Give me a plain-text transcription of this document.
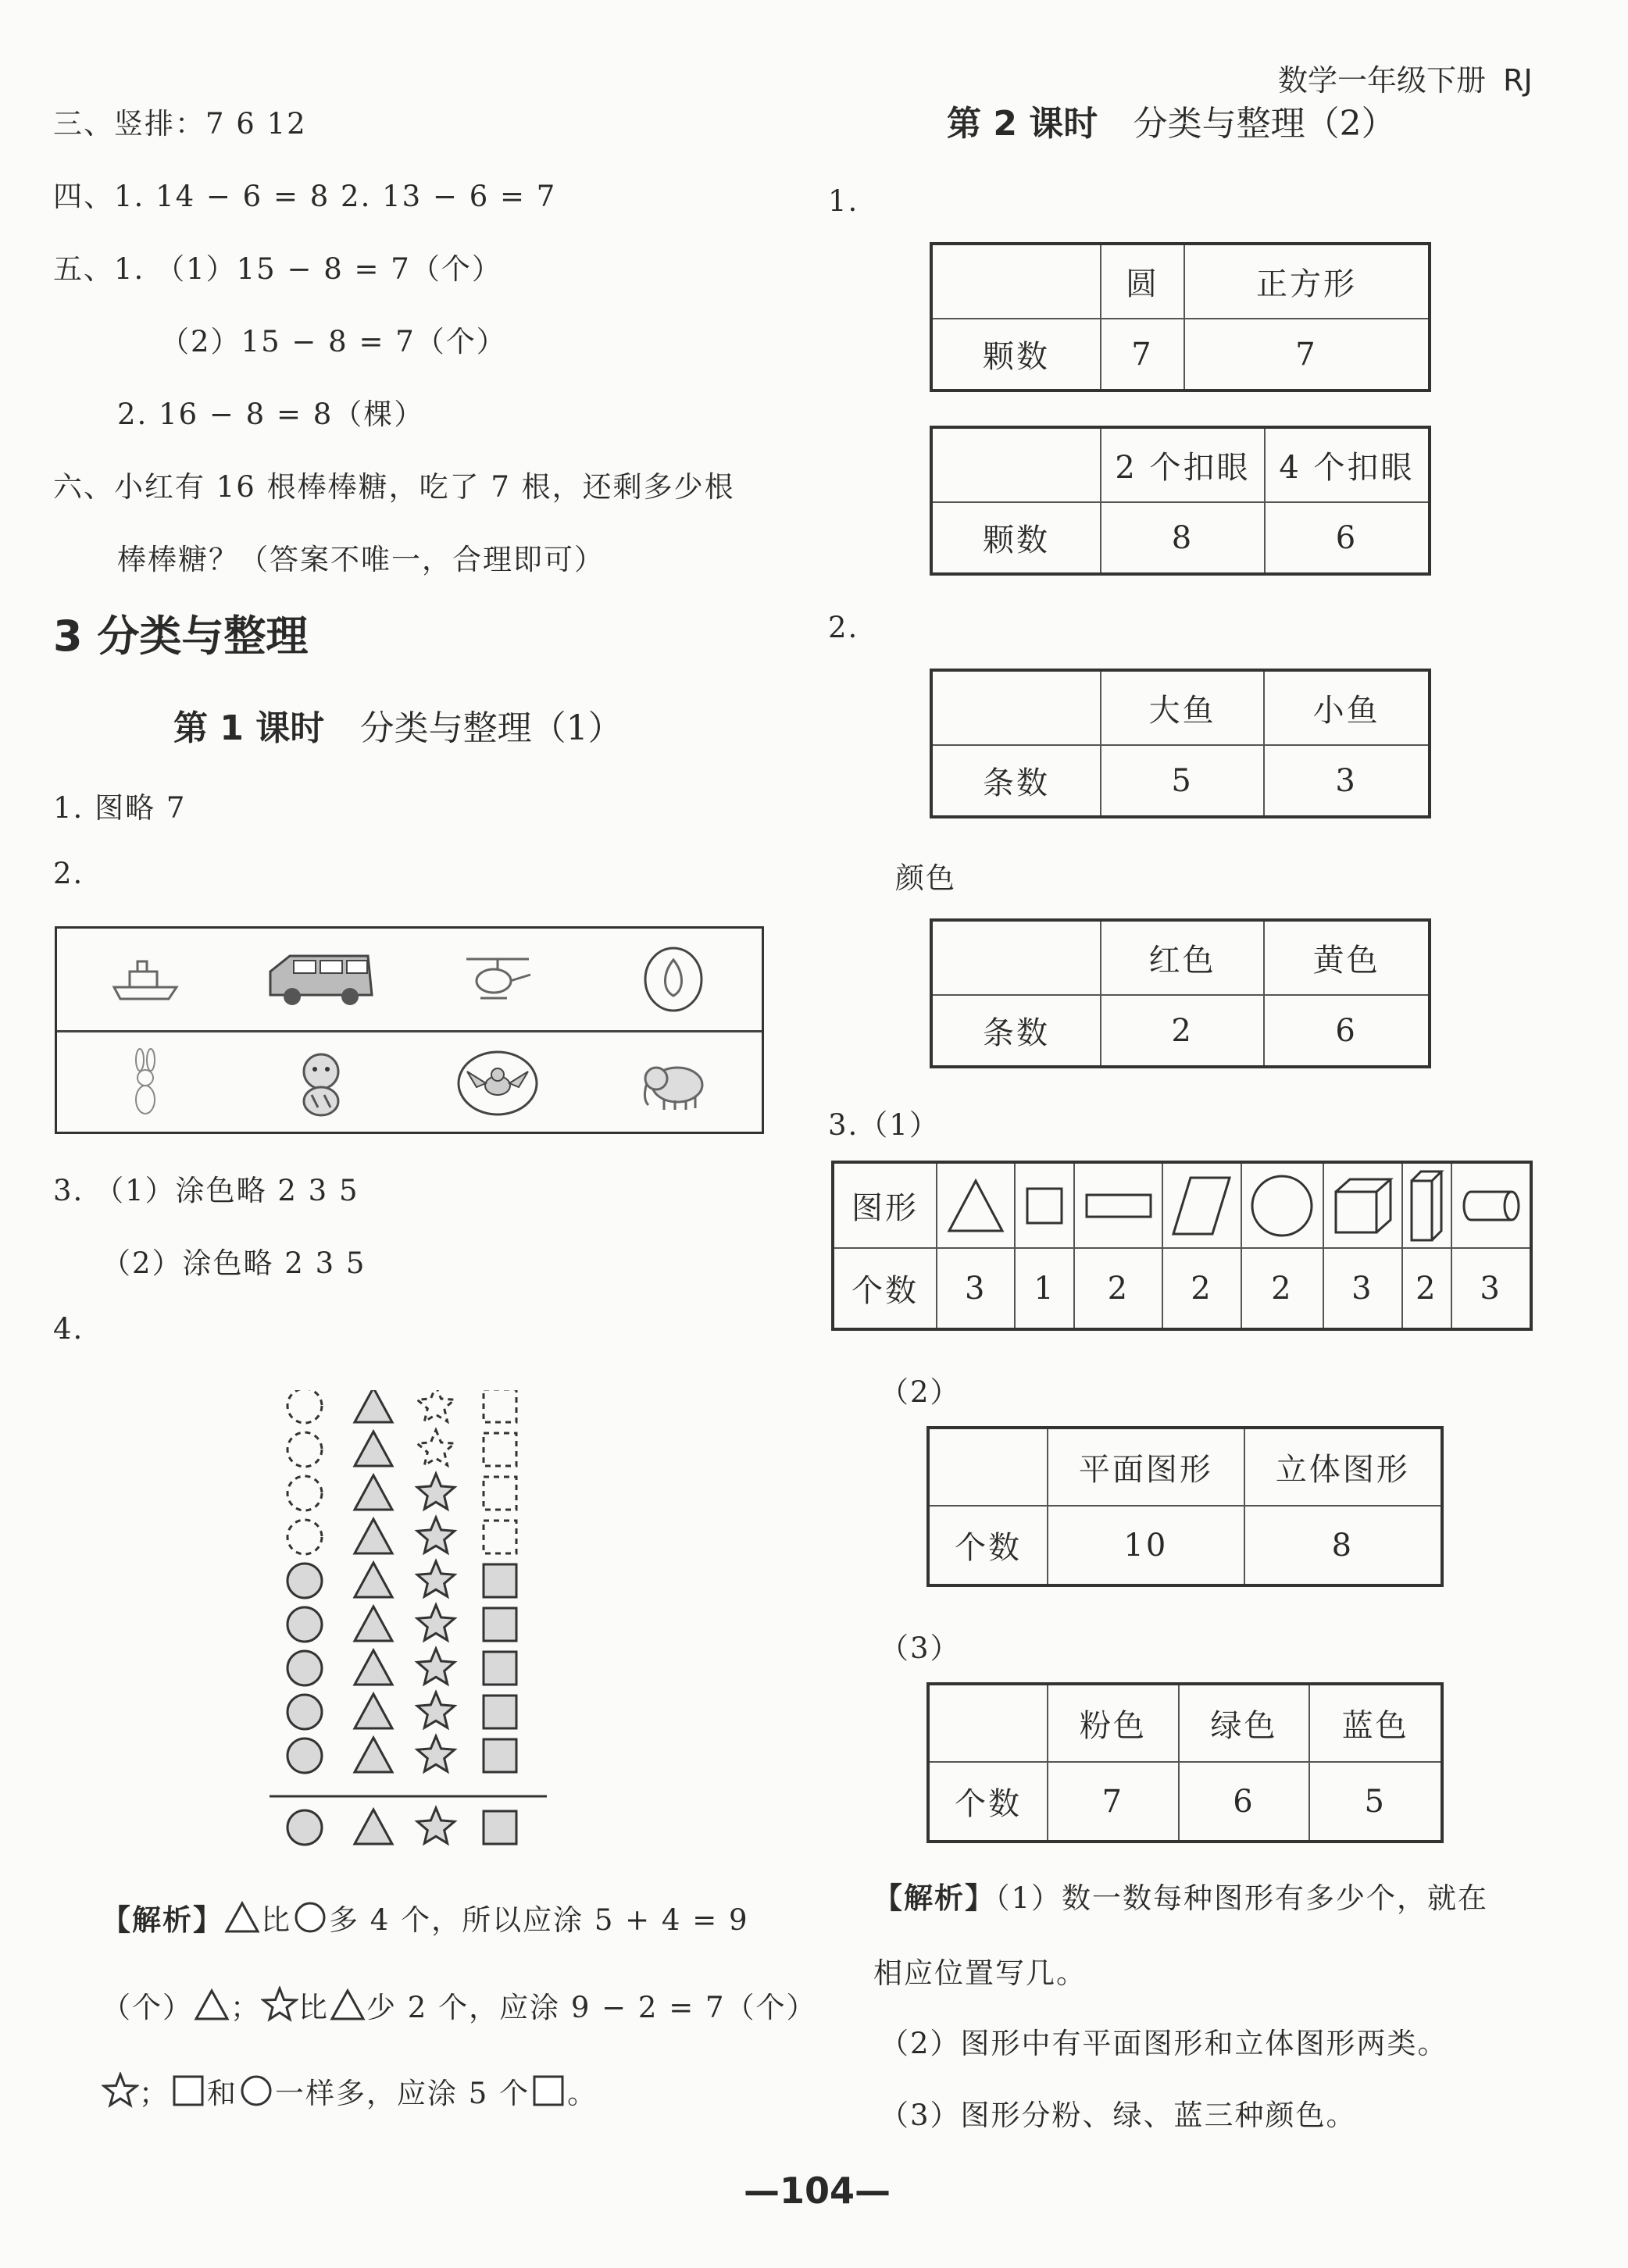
数学一年级下册 RJ
三、竖排：7 6 12
四、1. 14 − 6 = 8 2. 13 − 6 = 7
五、1. （1）15 − 8 = 7（个）
（2）15 − 8 = 7（个）
2. 16 − 8 = 8（棵）
六、小红有 16 根棒棒糖，吃了 7 根，还剩多少根
棒棒糖？（答案不唯一，合理即可）
3 分类与整理
第 1 课时 分类与整理（1）
1. 图略 7
2.
3. （1）涂色略 2 3 5
（2）涂色略 2 3 5
4.
【解析】 比 多 4 个，所以应涂 5 + 4 = 9
（个） ； 比 少 2 个，应涂 9 − 2 = 7（个）
； 和 一样多，应涂 5 个 。
第 2 课时 分类与整理（2）
1.
	圆	正方形
颗数	7	7
	2 个扣眼	4 个扣眼
颗数	8	6
2.
	大鱼	小鱼
条数	5	3
颜色
	红色	黄色
条数	2	6
3.（1）
图形	

个数	3	1	2	2	2	3	2	3
（2）
	平面图形	立体图形
个数	10	8
（3）
	粉色	绿色	蓝色
个数	7	6	5
【解析】（1）数一数每种图形有多少个，就在
相应位置写几。
（2）图形中有平面图形和立体图形两类。
（3）图形分粉、绿、蓝三种颜色。
—104—
